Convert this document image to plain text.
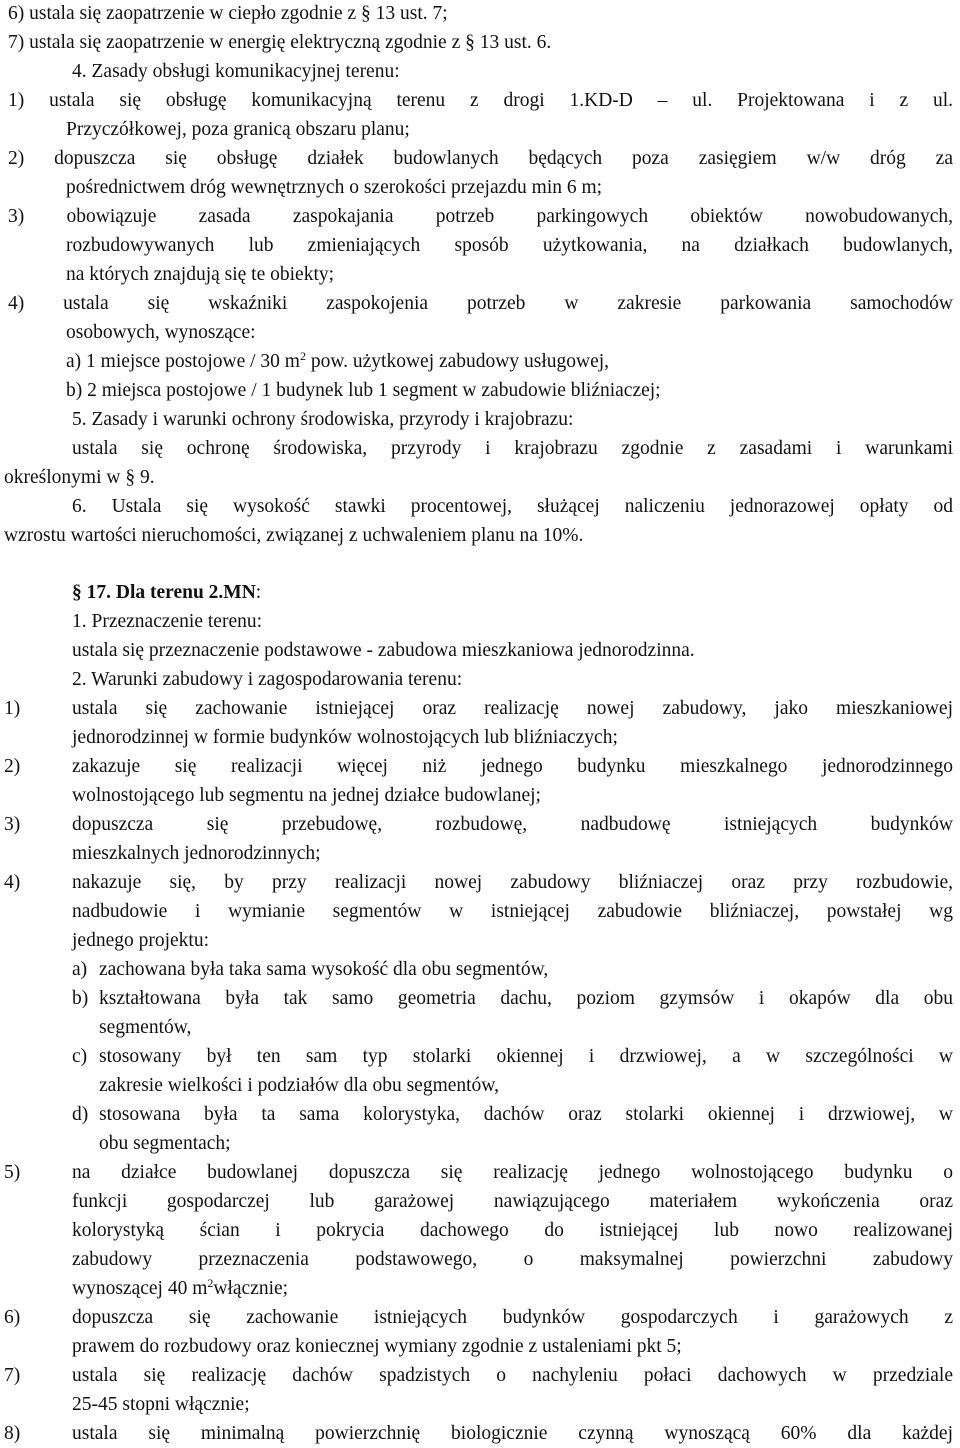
6) ustala się zaopatrzenie w ciepło zgodnie z § 13 ust. 7;

7) ustala się zaopatrzenie w energię elektryczną zgodnie z § 13 ust. 6.

4. Zasady obsługi komunikacyjnej terenu:

1) ustala się obsługę komunikacyjną terenu z drogi 1.KD-D – ul. Projektowana i z ul.

Przyczółkowej, poza granicą obszaru planu;

2) dopuszcza się obsługę działek budowlanych będących poza zasięgiem w/w dróg za

pośrednictwem dróg wewnętrznych o szerokości przejazdu min 6 m;

3) obowiązuje zasada zaspokajania potrzeb parkingowych obiektów nowobudowanych,

rozbudowywanych lub zmieniających sposób użytkowania, na działkach budowlanych,

na których znajdują się te obiekty;

4) ustala się wskaźniki zaspokojenia potrzeb w zakresie parkowania samochodów

osobowych, wynoszące:

a) 1 miejsce postojowe / 30 $m^2$ pow. użytkowej zabudowy usługowej,

b) 2 miejsca postojowe / 1 budynek lub 1 segment w zabudowie bliźniaczej;

5. Zasady i warunki ochrony środowiska, przyrody i krajobrazu:

ustala się ochronę środowiska, przyrody i krajobrazu zgodnie z zasadami i warunkami

określonymi w § 9.

6. Ustala się wysokość stawki procentowej, służącej naliczeniu jednorazowej opłaty od

wzrostu wartości nieruchomości, związanej z uchwaleniem planu na 10%.

§ 17. Dla terenu 2.MN:

1. Przeznaczenie terenu:

ustala się przeznaczenie podstawowe - zabudowa mieszkaniowa jednorodzinna.

2. Warunki zabudowy i zagospodarowania terenu:

1)	ustala się zachowanie istniejącej oraz realizację nowej zabudowy, jako mieszkaniowej

jednorodzinnej w formie budynków wolnostojących lub bliźniaczych;

2)	zakazuje się realizacji więcej niż jednego budynku mieszkalnego jednorodzinnego

wolnostojącego lub segmentu na jednej działce budowlanej;

3)	dopuszcza się przebudowę, rozbudowę, nadbudowę istniejących budynków

mieszkalnych jednorodzinnych;

4)	nakazuje się, by przy realizacji nowej zabudowy bliźniaczej oraz przy rozbudowie,

nadbudowie i wymianie segmentów w istniejącej zabudowie bliźniaczej, powstałej wg

jednego projektu:

a) zachowana była taka sama wysokość dla obu segmentów,

b) kształtowana była tak samo geometria dachu, poziom gzymsów i okapów dla obu

segmentów,

c) stosowany był ten sam typ stolarki okiennej i drzwiowej, a w szczególności w

zakresie wielkości i podziałów dla obu segmentów,

d) stosowana była ta sama kolorystyka, dachów oraz stolarki okiennej i drzwiowej, w

obu segmentach;

5)	na działce budowlanej dopuszcza się realizację jednego wolnostojącego budynku o

funkcji gospodarczej lub garażowej nawiązującego materiałem wykończenia oraz

kolorystyką ścian i pokrycia dachowego do istniejącej lub nowo realizowanej

zabudowy przeznaczenia podstawowego, o maksymalnej powierzchni zabudowy

wynoszącej 40 $m^2włącznie$;

6)	dopuszcza się zachowanie istniejących budynków gospodarczych i garażowych z

prawem do rozbudowy oraz koniecznej wymiany zgodnie z ustaleniami pkt 5;

7)	ustala się realizację dachów spadzistych o nachyleniu połaci dachowych w przedziale

25-45 stopni włącznie;

8)	ustala się minimalną powierzchnię biologicznie czynną wynoszącą 60% dla każdej
